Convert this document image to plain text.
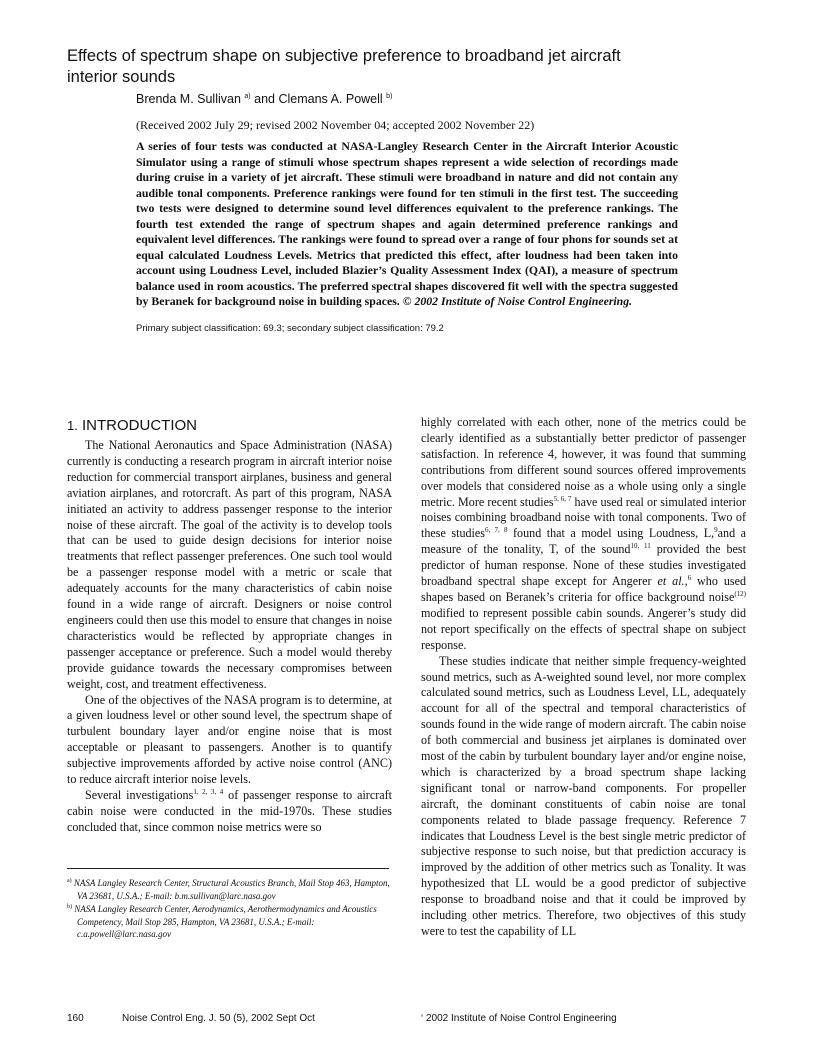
Effects of spectrum shape on subjective preference to broadband jet aircraft interior sounds
Brenda M. Sullivan $^{a)}$ and Clemans A. Powell $^{b)}$
(Received 2002 July 29; revised 2002 November 04; accepted 2002 November 22)

A series of four tests was conducted at NASA-Langley Research Center in the Aircraft Interior Acoustic Simulator using a range of stimuli whose spectrum shapes represent a wide selection of recordings made during cruise in a variety of jet aircraft. These stimuli were broadband in nature and did not contain any audible tonal components. Preference rankings were found for ten stimuli in the first test. The succeeding two tests were designed to determine sound level differences equivalent to the preference rankings. The fourth test extended the range of spectrum shapes and again determined preference rankings and equivalent level differences. The rankings were found to spread over a range of four phons for sounds set at equal calculated Loudness Levels. Metrics that predicted this effect, after loudness had been taken into account using Loudness Level, included Blazier’s Quality Assessment Index (QAI), a measure of spectrum balance used in room acoustics. The preferred spectral shapes discovered fit well with the spectra suggested by Beranek for background noise in building spaces. © 2002 Institute of Noise Control Engineering.

Primary subject classification: 69.3; secondary subject classification: 79.2
1. INTRODUCTION

The National Aeronautics and Space Administration (NASA) currently is conducting a research program in aircraft interior noise reduction for commercial transport airplanes, business and general aviation airplanes, and rotorcraft. As part of this program, NASA initiated an activity to address passenger response to the interior noise of these aircraft. The goal of the activity is to develop tools that can be used to guide design decisions for interior noise treatments that reflect passenger preferences. One such tool would be a passenger response model with a metric or scale that adequately accounts for the many characteristics of cabin noise found in a wide range of aircraft. Designers or noise control engineers could then use this model to ensure that changes in noise characteristics would be reflected by appropriate changes in passenger acceptance or preference. Such a model would thereby provide guidance towards the necessary compromises between weight, cost, and treatment effectiveness.

One of the objectives of the NASA program is to determine, at a given loudness level or other sound level, the spectrum shape of turbulent boundary layer and/or engine noise that is most acceptable or pleasant to passengers. Another is to quantify subjective improvements afforded by active noise control (ANC) to reduce aircraft interior noise levels.

Several investigations$^{1, 2, 3, 4}$ of passenger response to aircraft cabin noise were conducted in the mid-1970s. These studies concluded that, since common noise metrics were so

highly correlated with each other, none of the metrics could be clearly identified as a substantially better predictor of passenger satisfaction. In reference 4, however, it was found that summing contributions from different sound sources offered improvements over models that considered noise as a whole using only a single metric. More recent studies$^{5, 6, 7}$ have used real or simulated interior noises combining broadband noise with tonal components. Two of these studies$^{6, 7, 8}$ found that a model using Loudness, L,$^9$and a measure of the tonality, T, of the sound$^{10, 11}$ provided the best predictor of human response. None of these studies investigated broadband spectral shape except for Angerer et al.,$^6$ who used shapes based on Beranek’s criteria for office background noise$^{(12)}$ modified to represent possible cabin sounds. Angerer’s study did not report specifically on the effects of spectral shape on subject response.

These studies indicate that neither simple frequency-weighted sound metrics, such as A-weighted sound level, nor more complex calculated sound metrics, such as Loudness Level, LL, adequately account for all of the spectral and temporal characteristics of sounds found in the wide range of modern aircraft. The cabin noise of both commercial and business jet airplanes is dominated over most of the cabin by turbulent boundary layer and/or engine noise, which is characterized by a broad spectrum shape lacking significant tonal or narrow-band components. For propeller aircraft, the dominant constituents of cabin noise are tonal components related to blade passage frequency. Reference 7 indicates that Loudness Level is the best single metric predictor of subjective response to such noise, but that prediction accuracy is improved by the addition of other metrics such as Tonality. It was hypothesized that LL would be a good predictor of subjective response to broadband noise and that it could be improved by including other metrics. Therefore, two objectives of this study were to test the capability of LL

$^{a)}$ NASA Langley Research Center, Structural Acoustics Branch, Mail Stop 463, Hampton, VA 23681, U.S.A.; E-mail: b.m.sullivan@larc.nasa.gov

$^{b)}$ NASA Langley Research Center, Aerodynamics, Aerothermodynamics and Acoustics Competency, Mail Stop 285, Hampton, VA 23681, U.S.A.; E-mail: c.a.powell@larc.nasa.gov

160	Noise Control Eng. J. 50 (5), 2002 Sept Oct	‘ 2002 Institute of Noise Control Engineering
